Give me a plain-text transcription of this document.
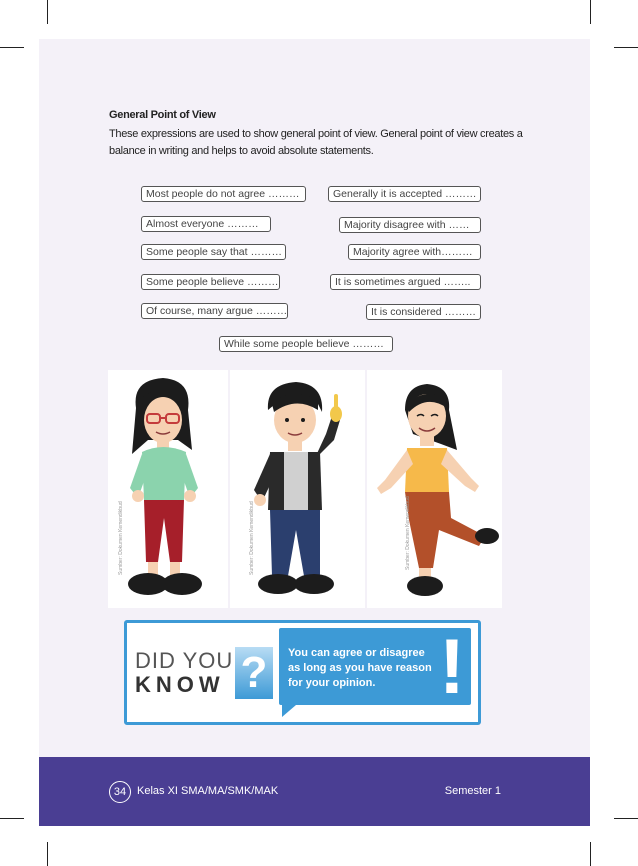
General Point of View
These expressions are used to show general point of view. General point of view creates a balance in writing and helps to avoid absolute statements.
Most people do not agree ………	Generally it is accepted ………
Almost everyone ………	Majority disagree with ……
Some people say that ………	Majority agree with………
Some people believe ………	It is sometimes argued ……..
Of course, many argue ………	It is considered ………
While some people believe ………
Sumber: Dokumen Kemendikbud	Sumber: Dokumen Kemendikbud	Sumber: Dokumen Kemendikbud
DID YOU
KNOW ?	You can agree or disagree as long as you have reason for your opinion. !
34 Kelas XI SMA/MA/SMK/MAK	Semester 1
